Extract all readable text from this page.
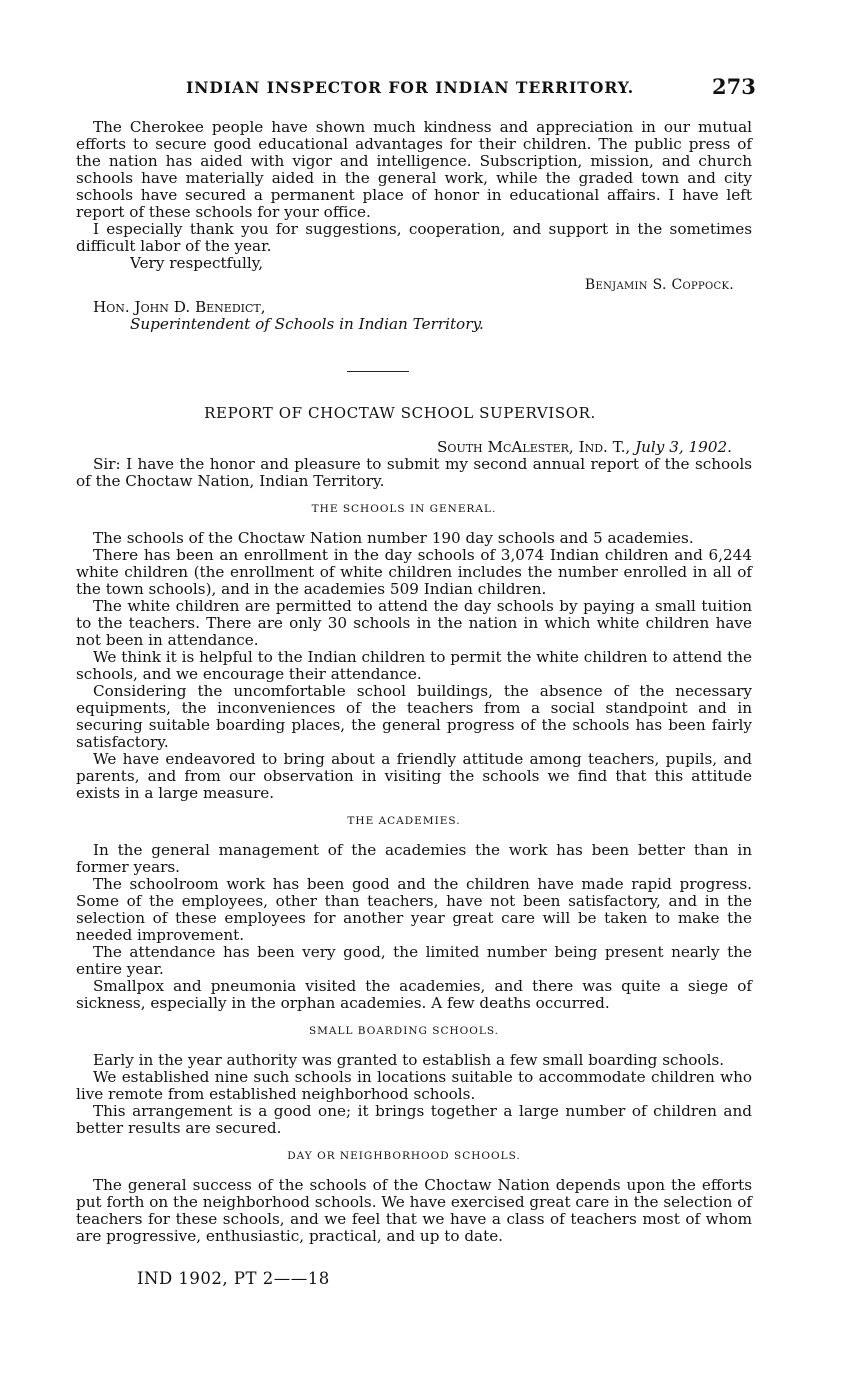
INDIAN INSPECTOR FOR INDIAN TERRITORY.	273

The Cherokee people have shown much kindness and appreciation in our mutual efforts to secure good educational advantages for their children. The public press of the nation has aided with vigor and intelligence. Subscription, mission, and church schools have materially aided in the general work, while the graded town and city schools have secured a permanent place of honor in educational affairs. I have left report of these schools for your office.

I especially thank you for suggestions, cooperation, and support in the sometimes difficult labor of the year.

Very respectfully,
Benjamin S. Coppock.
Hon. John D. Benedict,
Superintendent of Schools in Indian Territory.
REPORT OF CHOCTAW SCHOOL SUPERVISOR.
South McAlester, Ind. T., July 3, 1902.

Sir: I have the honor and pleasure to submit my second annual report of the schools of the Choctaw Nation, Indian Territory.

THE SCHOOLS IN GENERAL.

The schools of the Choctaw Nation number 190 day schools and 5 academies.

There has been an enrollment in the day schools of 3,074 Indian children and 6,244 white children (the enrollment of white children includes the number enrolled in all of the town schools), and in the academies 509 Indian children.

The white children are permitted to attend the day schools by paying a small tuition to the teachers. There are only 30 schools in the nation in which white children have not been in attendance.

We think it is helpful to the Indian children to permit the white children to attend the schools, and we encourage their attendance.

Considering the uncomfortable school buildings, the absence of the necessary equipments, the inconveniences of the teachers from a social standpoint and in securing suitable boarding places, the general progress of the schools has been fairly satisfactory.

We have endeavored to bring about a friendly attitude among teachers, pupils, and parents, and from our observation in visiting the schools we find that this attitude exists in a large measure.

THE ACADEMIES.

In the general management of the academies the work has been better than in former years.

The schoolroom work has been good and the children have made rapid progress. Some of the employees, other than teachers, have not been satisfactory, and in the selection of these employees for another year great care will be taken to make the needed improvement.

The attendance has been very good, the limited number being present nearly the entire year.

Smallpox and pneumonia visited the academies, and there was quite a siege of sickness, especially in the orphan academies. A few deaths occurred.

SMALL BOARDING SCHOOLS.

Early in the year authority was granted to establish a few small boarding schools.

We established nine such schools in locations suitable to accommodate children who live remote from established neighborhood schools.

This arrangement is a good one; it brings together a large number of children and better results are secured.

DAY OR NEIGHBORHOOD SCHOOLS.

The general success of the schools of the Choctaw Nation depends upon the efforts put forth on the neighborhood schools. We have exercised great care in the selection of teachers for these schools, and we feel that we have a class of teachers most of whom are progressive, enthusiastic, practical, and up to date.

IND 1902, PT 2——18
